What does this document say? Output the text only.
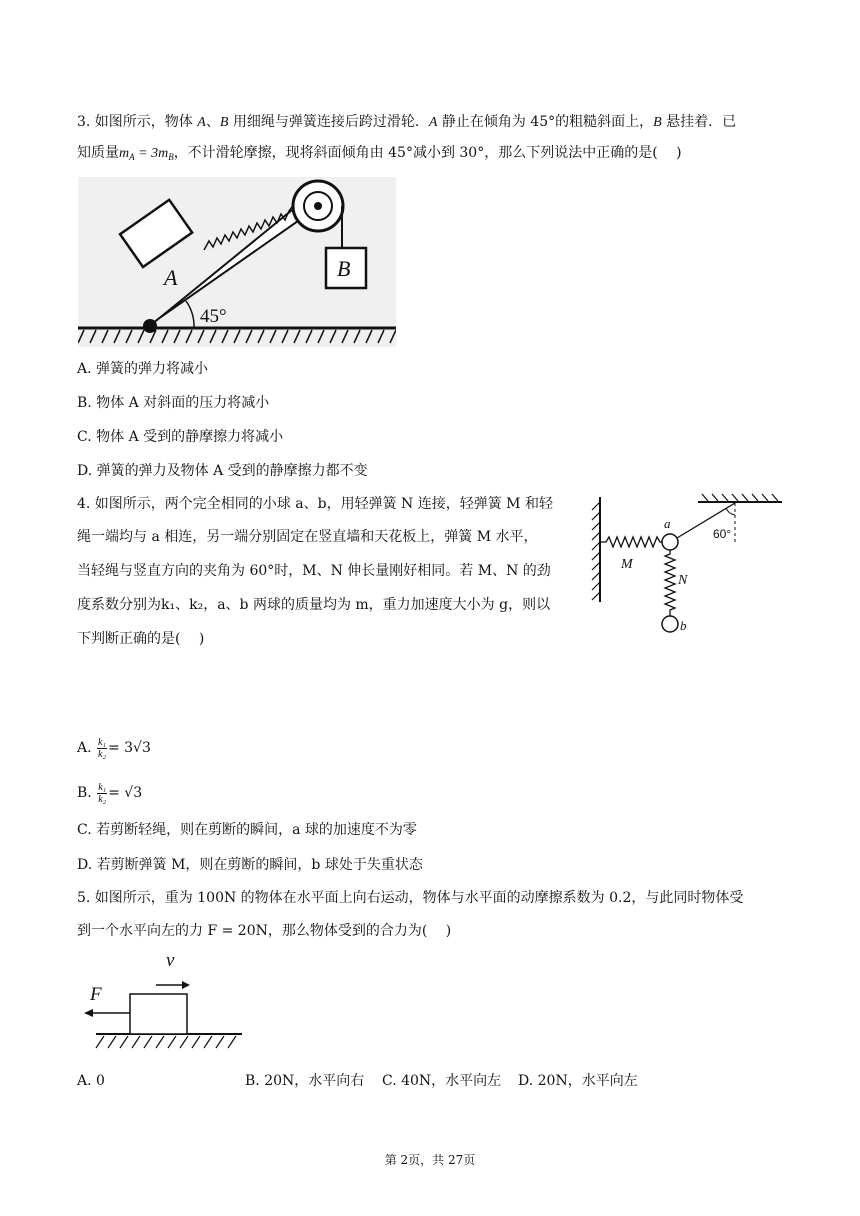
3. 如图所示，物体 A、B 用细绳与弹簧连接后跨过滑轮．A 静止在倾角为 45°的粗糙斜面上，B 悬挂着．已
知质量$m_A = 3m_B$，不计滑轮摩擦，现将斜面倾角由 45°减小到 30°，那么下列说法中正确的是(　 )
A	B
45°
A. 弹簧的弹力将减小
B. 物体 A 对斜面的压力将减小
C. 物体 A 受到的静摩擦力将减小
D. 弹簧的弹力及物体 A 受到的静摩擦力都不变
4. 如图所示，两个完全相同的小球 a、b，用轻弹簧 N 连接，轻弹簧 M 和轻
绳一端均与 a 相连，另一端分别固定在竖直墙和天花板上，弹簧 M 水平，
当轻绳与竖直方向的夹角为 60°时，M、N 伸长量刚好相同。若 M、N 的劲
度系数分别为k₁、k₂，a、b 两球的质量均为 m，重力加速度大小为 g，则以
下判断正确的是(　 )
a
b
M
N
60°
A. $\frac{\text{k₁}}{\text{k₂}} = 3√3$
B. $\frac{\text{k₁}}{\text{k₂}} = √3$
C. 若剪断轻绳，则在剪断的瞬间，a 球的加速度不为零
D. 若剪断弹簧 M，则在剪断的瞬间，b 球处于失重状态
5. 如图所示，重为 100N 的物体在水平面上向右运动，物体与水平面的动摩擦系数为 0.2，与此同时物体受
到一个水平向左的力 F = 20N，那么物体受到的合力为(　 )
F
v
A. 0	B. 20N，水平向右 C. 40N，水平向左 D. 20N，水平向左
第 2页，共 27页
